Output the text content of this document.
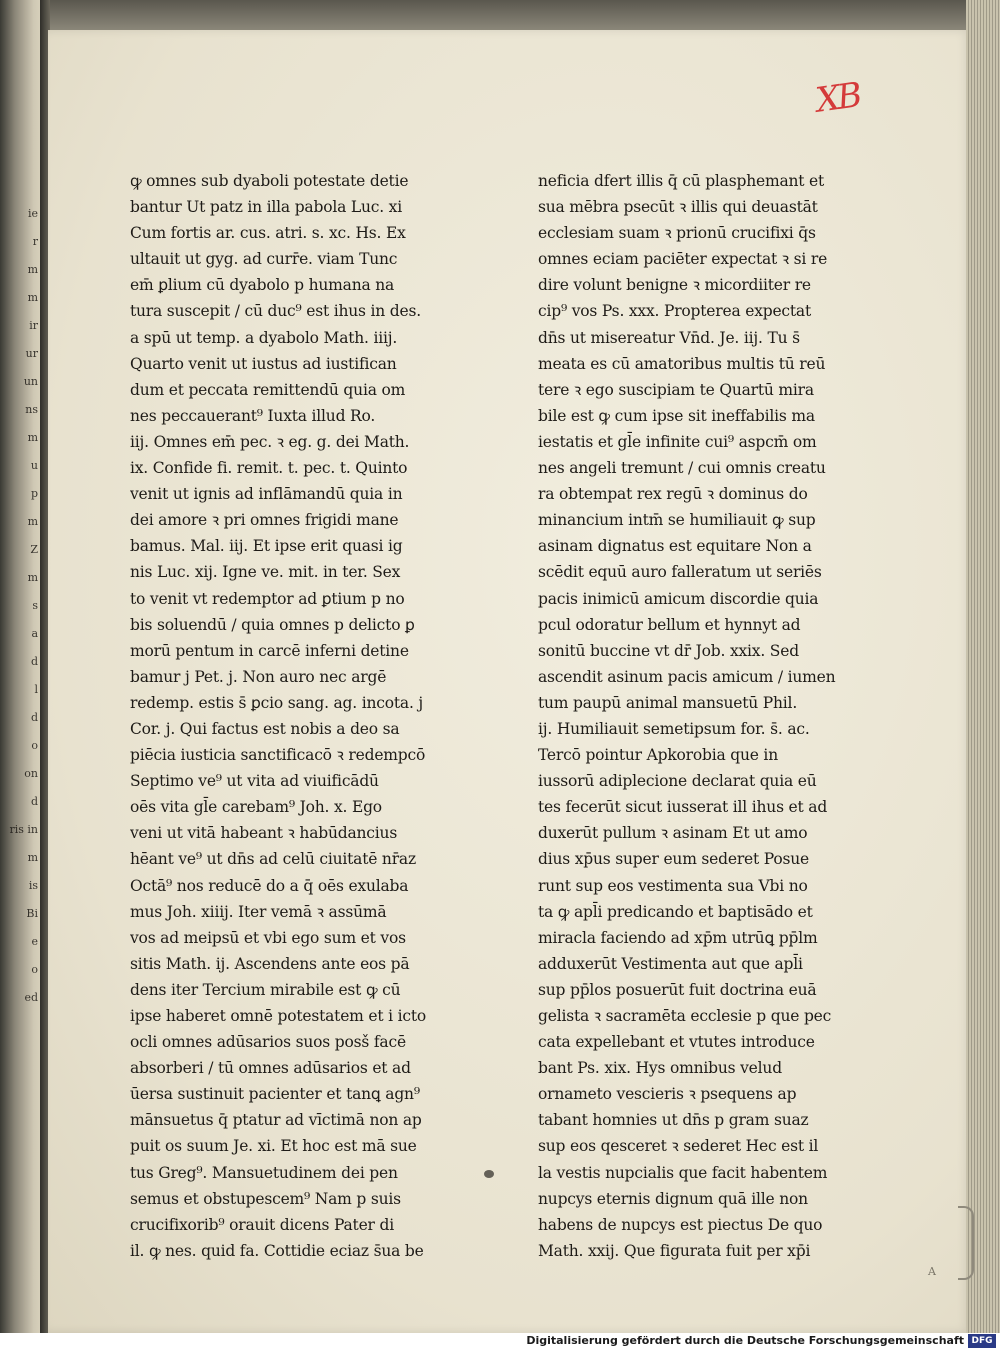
ie
r
m
m
ir
ur
un
ns
m
u
p
m
Z
m
s
a
d
l
d
o
on
d
ris in
m
is
Bi
e
o
ed
XB
ꝙ omnes sub dyaboli potestate detie
bantur Ut patz in illa pabola Luc. xi
Cum fortis ar. cus. atri. s. xc. Hs. Ex
ultauit ut gyg. ad curr̄e. viam Tunc
em̄ ꝑlium cū dyabolo p humana na
tura suscepit / cū duc⁹ est ihus in des.
a spū ut temp. a dyabolo Math. iiij.
Quarto venit ut iustus ad iustifican
dum et peccata remittendū quia om
nes peccauerant⁹ Iuxta illud Ro.
iij. Omnes em̄ pec. ꝛ eg. g. dei Math.
ix. Confide fi. remit. t. pec. t. Quinto
venit ut ignis ad inflāmandū quia in
dei amore ꝛ pri omnes frigidi mane
bamus. Mal. iij. Et ipse erit quasi ig
nis Luc. xij. Igne ve. mit. in ter. Sex
to venit vt redemptor ad ꝑtium p no
bis soluendū / quia omnes p delicto ꝑ
morū pentum in carcē inferni detine
bamur j Pet. j. Non auro nec argē
redemp. estis s̄ ꝑcio sang. ag. incota. j
Cor. j. Qui factus est nobis a deo sa
piēcia iusticia sanctificacō ꝛ redempcō
Septimo ve⁹ ut vita ad viuificādū
oēs vita gl̄e carebam⁹ Joh. x. Ego
veni ut vitā habeant ꝛ habūdancius
hēant ve⁹ ut dn̄s ad celū ciuitatē nr̄az
Octā⁹ nos reducē do a q̄ oēs exulaba
mus Joh. xiiij. Iter vemā ꝛ assūmā
vos ad meipsū et vbi ego sum et vos
sitis Math. ij. Ascendens ante eos pā
dens iter Tercium mirabile est ꝙ cū
ipse haberet omnē potestatem et i icto
ocli omnes adūsarios suos posš facē
absorberi / tū omnes adūsarios et ad
ūersa sustinuit pacienter et tanꝗ agn⁹
mānsuetus q̄ ptatur ad vīctimā non ap
puit os suum Je. xi. Et hoc est mā sue
tus Greg⁹. Mansuetudinem dei pen
semus et obstupescem⁹ Nam p suis
crucifixorib⁹ orauit dicens Pater di
il. ꝙ nes. quid fa. Cottidie eciaz s̄ua be
neficia dfert illis q̄ cū plasphemant et
sua mēbra psecūt ꝛ illis qui deuastāt
ecclesiam suam ꝛ prionū crucifixi q̄s
omnes eciam paciēter expectat ꝛ si re
dire volunt benigne ꝛ micordiiter re
cip⁹ vos Ps. xxx. Propterea expectat
dn̄s ut misereatur Vn̄d. Je. iij. Tu s̄
meata es cū amatoribus multis tū reū
tere ꝛ ego suscipiam te Quartū mira
bile est ꝙ cum ipse sit ineffabilis ma
iestatis et gl̄e infinite cui⁹ aspcm̄ om
nes angeli tremunt / cui omnis creatu
ra obtempat rex regū ꝛ dominus do
minancium intm̄ se humiliauit ꝙ sup
asinam dignatus est equitare Non a
scēdit equū auro falleratum ut seriēs
pacis inimicū amicum discordie quia
pcul odoratur bellum et hynnyt ad
sonitū buccine vt dr̄ Job. xxix. Sed
ascendit asinum pacis amicum / iumen
tum paupū animal mansuetū Phil.
ij. Humiliauit semetipsum for. s̄. ac.
Tercō pointur Apkorobia que in
iussorū adiplecione declarat quia eū
tes fecerūt sicut iusserat ill ihus et ad
duxerūt pullum ꝛ asinam Et ut amo
dius xp̄us super eum sederet Posue
runt sup eos vestimenta sua Vbi no
ta ꝙ apl̄i predicando et baptisādo et
miracla faciendo ad xp̄m utrūꝗ pp̄lm
adduxerūt Vestimenta aut que apl̄i
sup pp̄los posuerūt fuit doctrina euā
gelista ꝛ sacramēta ecclesie p que pec
cata expellebant et vtutes introduce
bant Ps. xix. Hys omnibus velud
ornameto vescieris ꝛ psequens ap
tabant homnies ut dn̄s p gram suaz
sup eos qesceret ꝛ sederet Hec est il
la vestis nupcialis que facit habentem
nupcys eternis dignum quā ille non
habens de nupcys est piectus De quo
Math. xxij. Que figurata fuit per xp̄i
A
Digitalisierung gefördert durch die Deutsche Forschungsgemeinschaft DFG
